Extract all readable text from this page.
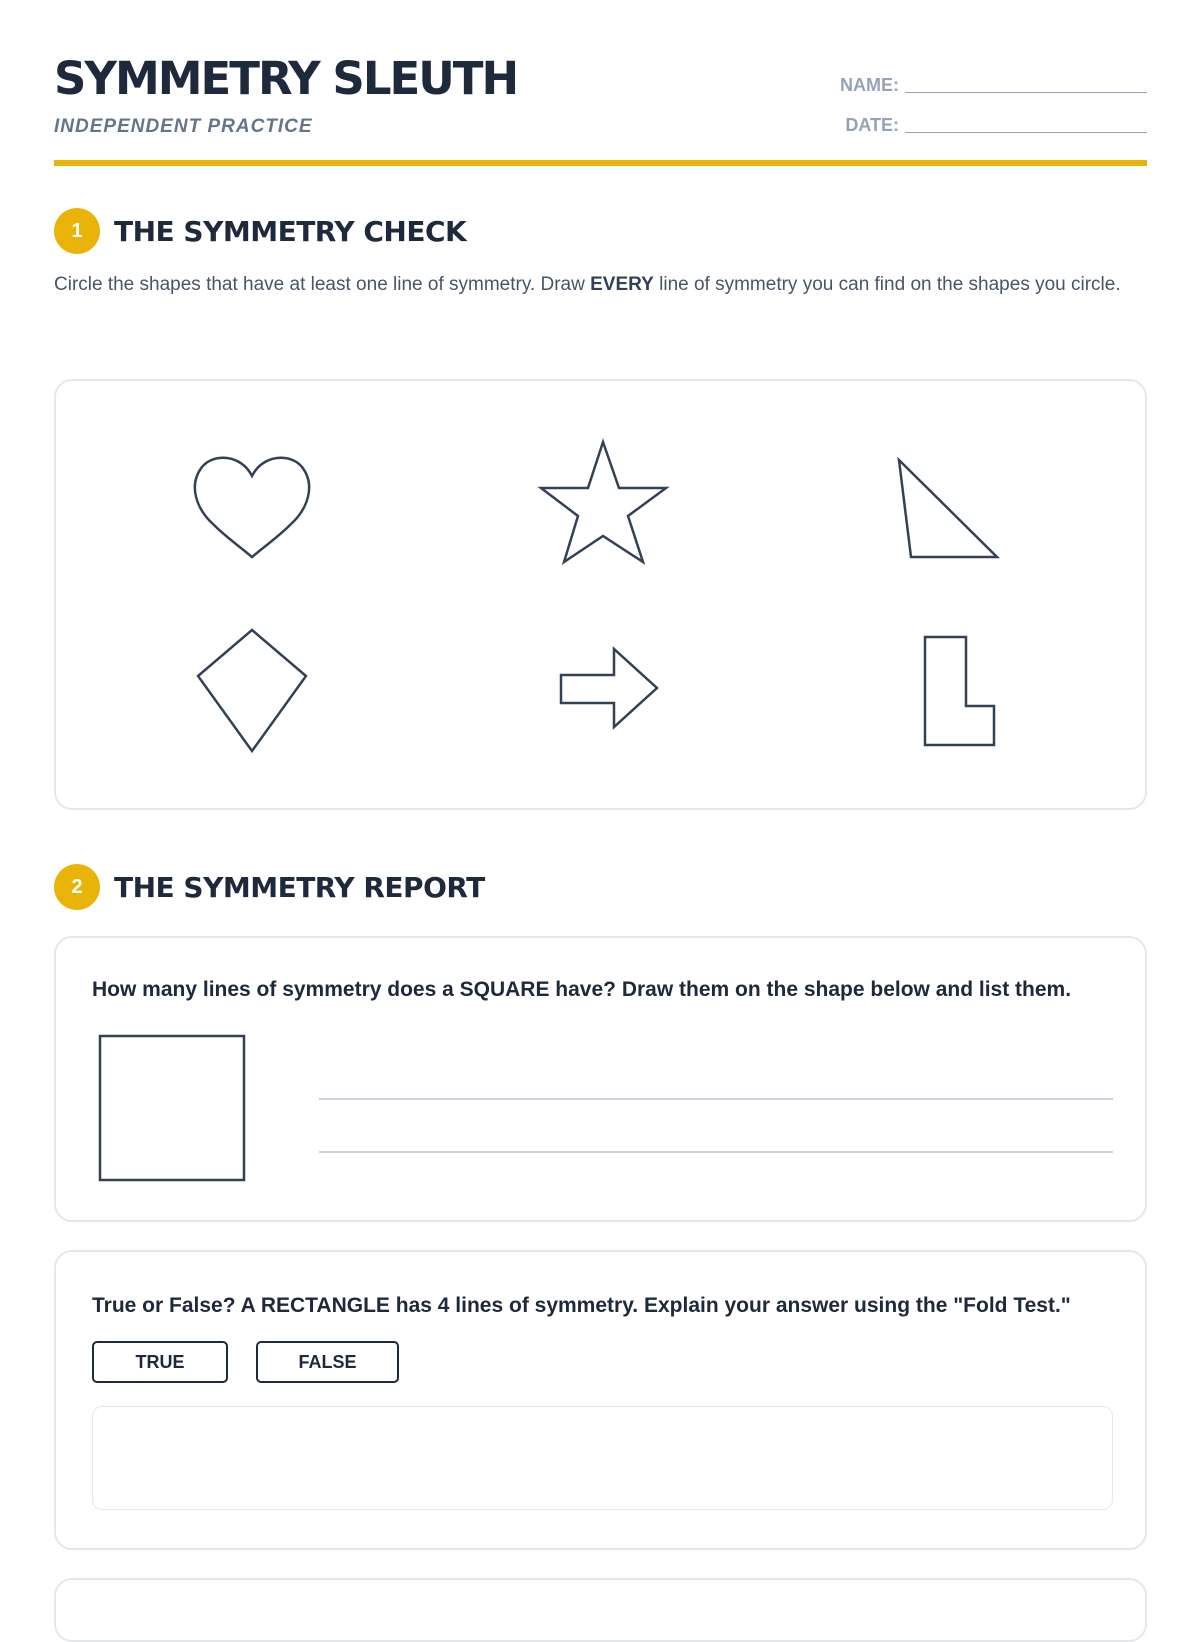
SYMMETRY SLEUTH
INDEPENDENT PRACTICE
NAME:
DATE:
1	THE SYMMETRY CHECK
Circle the shapes that have at least one line of symmetry. Draw EVERY line of symmetry you can find on the shapes you circle.
2	THE SYMMETRY REPORT
How many lines of symmetry does a SQUARE have? Draw them on the shape below and list them.
True or False? A RECTANGLE has 4 lines of symmetry. Explain your answer using the "Fold Test."
TRUE	FALSE
